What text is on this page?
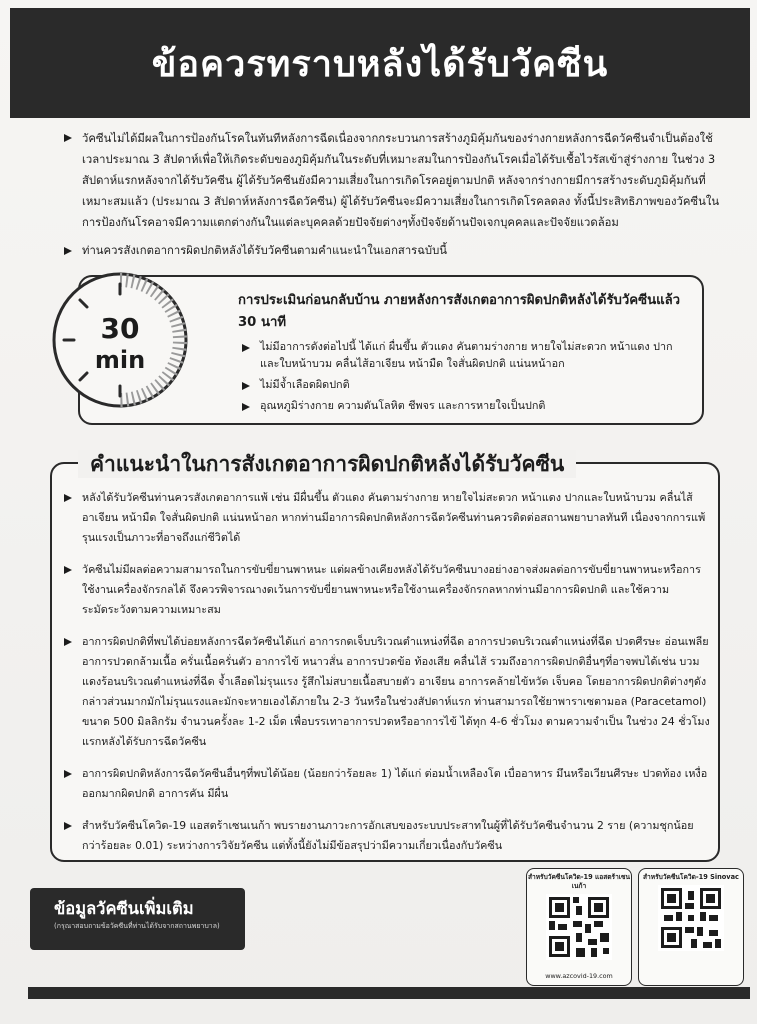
ข้อควรทราบหลังได้รับวัคซีน
วัคซีนไม่ได้มีผลในการป้องกันโรคในทันทีหลังการฉีดเนื่องจากกระบวนการสร้างภูมิคุ้มกันของร่างกายหลังการฉีดวัคซีนจำเป็นต้องใช้เวลาประมาณ 3 สัปดาห์เพื่อให้เกิดระดับของภูมิคุ้มกันในระดับที่เหมาะสมในการป้องกันโรคเมื่อได้รับเชื้อไวรัสเข้าสู่ร่างกาย ในช่วง 3 สัปดาห์แรกหลังจากได้รับวัคซีน ผู้ได้รับวัคซีนยังมีความเสี่ยงในการเกิดโรคอยู่ตามปกติ หลังจากร่างกายมีการสร้างระดับภูมิคุ้มกันที่เหมาะสมแล้ว (ประมาณ 3 สัปดาห์หลังการฉีดวัคซีน) ผู้ได้รับวัคซีนจะมีความเสี่ยงในการเกิดโรคลดลง ทั้งนี้ประสิทธิภาพของวัคซีนในการป้องกันโรคอาจมีความแตกต่างกันในแต่ละบุคคลด้วยปัจจัยต่างๆทั้งปัจจัยด้านปัจเจกบุคคลและปัจจัยแวดล้อม
ท่านควรสังเกตอาการผิดปกติหลังได้รับวัคซีนตามคำแนะนำในเอกสารฉบับนี้
30
min
การประเมินก่อนกลับบ้าน ภายหลังการสังเกตอาการผิดปกติหลังได้รับวัคซีนแล้ว 30 นาที
ไม่มีอาการดังต่อไปนี้ ได้แก่ ผื่นขึ้น ตัวแดง คันตามร่างกาย หายใจไม่สะดวก หน้าแดง ปากและใบหน้าบวม คลื่นไส้อาเจียน หน้ามืด ใจสั่นผิดปกติ แน่นหน้าอก
ไม่มีจ้ำเลือดผิดปกติ
อุณหภูมิร่างกาย ความดันโลหิต ชีพจร และการหายใจเป็นปกติ
คำแนะนำในการสังเกตอาการผิดปกติหลังได้รับวัคซีน
หลังได้รับวัคซีนท่านควรสังเกตอาการแพ้ เช่น มีผื่นขึ้น ตัวแดง คันตามร่างกาย หายใจไม่สะดวก หน้าแดง ปากและใบหน้าบวม คลื่นไส้อาเจียน หน้ามืด ใจสั่นผิดปกติ แน่นหน้าอก หากท่านมีอาการผิดปกติหลังการฉีดวัคซีนท่านควรติดต่อสถานพยาบาลทันที เนื่องจากการแพ้รุนแรงเป็นภาวะที่อาจถึงแก่ชีวิตได้
วัคซีนไม่มีผลต่อความสามารถในการขับขี่ยานพาหนะ แต่ผลข้างเคียงหลังได้รับวัคซีนบางอย่างอาจส่งผลต่อการขับขี่ยานพาหนะหรือการใช้งานเครื่องจักรกลได้ จึงควรพิจารณางดเว้นการขับขี่ยานพาหนะหรือใช้งานเครื่องจักรกลหากท่านมีอาการผิดปกติ และใช้ความระมัดระวังตามความเหมาะสม
อาการผิดปกติที่พบได้บ่อยหลังการฉีดวัคซีนได้แก่ อาการกดเจ็บบริเวณตำแหน่งที่ฉีด อาการปวดบริเวณตำแหน่งที่ฉีด ปวดศีรษะ อ่อนเพลีย อาการปวดกล้ามเนื้อ ครั่นเนื้อครั่นตัว อาการไข้ หนาวสั่น อาการปวดข้อ ท้องเสีย คลื่นไส้ รวมถึงอาการผิดปกติอื่นๆที่อาจพบได้เช่น บวมแดงร้อนบริเวณตำแหน่งที่ฉีด จ้ำเลือดไม่รุนแรง รู้สึกไม่สบายเนื้อสบายตัว อาเจียน อาการคล้ายไข้หวัด เจ็บคอ โดยอาการผิดปกติต่างๆดังกล่าวส่วนมากมักไม่รุนแรงและมักจะหายเองได้ภายใน 2-3 วันหรือในช่วงสัปดาห์แรก ท่านสามารถใช้ยาพาราเซตามอล (Paracetamol) ขนาด 500 มิลลิกรัม จำนวนครั้งละ 1-2 เม็ด เพื่อบรรเทาอาการปวดหรืออาการไข้ ได้ทุก 4-6 ชั่วโมง ตามความจำเป็น ในช่วง 24 ชั่วโมงแรกหลังได้รับการฉีดวัคซีน
อาการผิดปกติหลังการฉีดวัคซีนอื่นๆที่พบได้น้อย (น้อยกว่าร้อยละ 1) ได้แก่ ต่อมน้ำเหลืองโต เบื่ออาหาร มึนหรือเวียนศีรษะ ปวดท้อง เหงื่อออกมากผิดปกติ อาการคัน มีผื่น
สำหรับวัคซีนโควิด-19 แอสตร้าเซนเนก้า พบรายงานภาวะการอักเสบของระบบประสาทในผู้ที่ได้รับวัคซีนจำนวน 2 ราย (ความชุกน้อยกว่าร้อยละ 0.01) ระหว่างการวิจัยวัคซีน แต่ทั้งนี้ยังไม่มีข้อสรุปว่ามีความเกี่ยวเนื่องกับวัคซีน
ข้อมูลวัคซีนเพิ่มเติม
(กรุณาสอบถามข้อวัคซีนที่ท่านได้รับจากสถานพยาบาล)
สำหรับวัคซีนโควิด-19 แอสตร้าเซนเนก้า
www.azcovid-19.com
สำหรับวัคซีนโควิด-19 Sinovac
